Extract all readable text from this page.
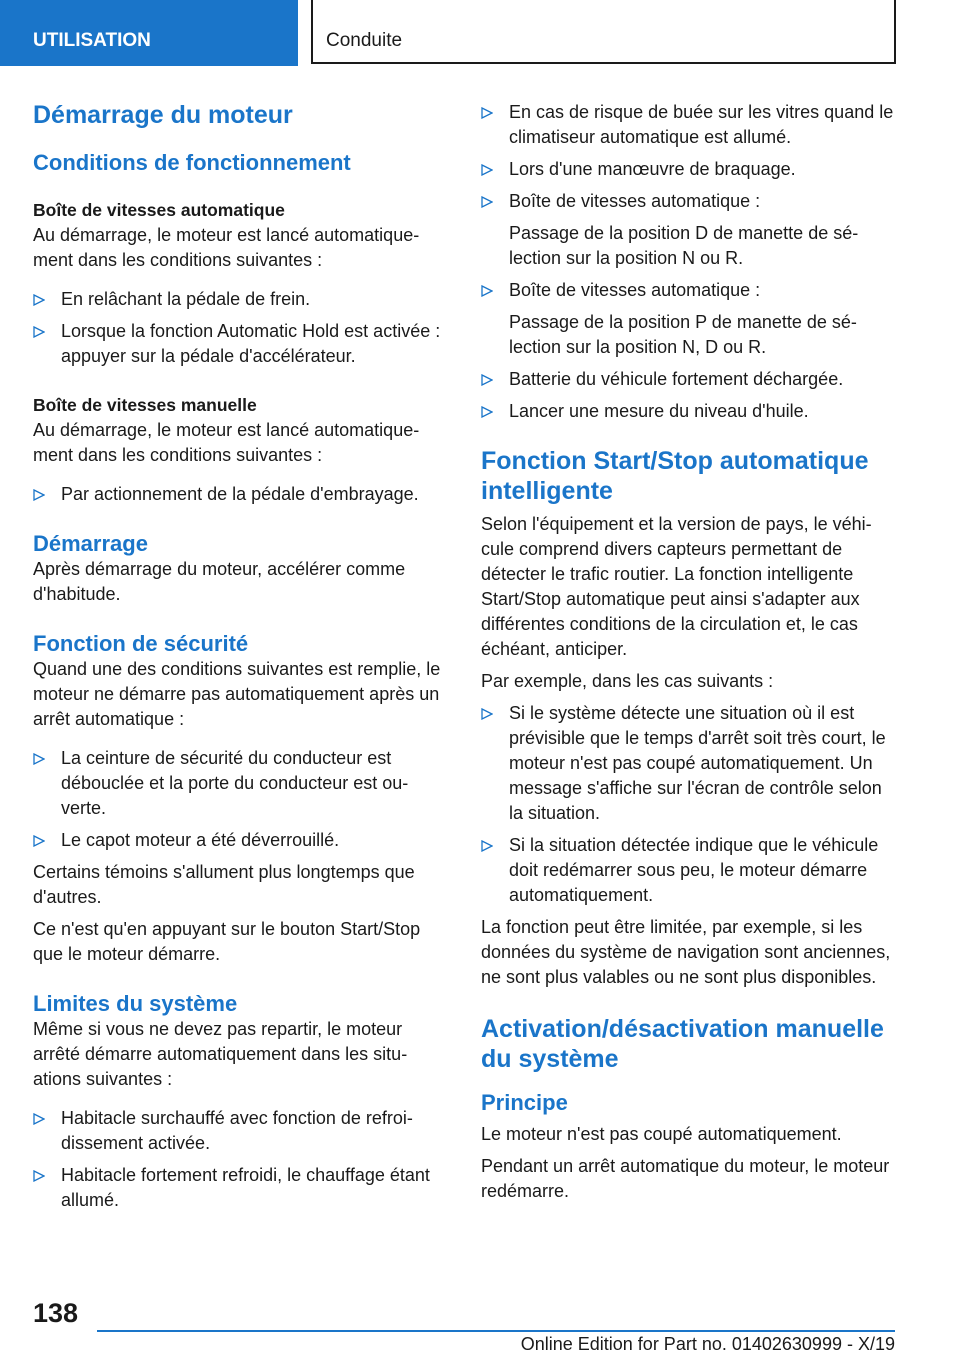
UTILISATION	Conduite
Démarrage du moteur
Conditions de fonctionnement
Boîte de vitesses automatique

Au démarrage, le moteur est lancé automatiquement dans les conditions suivantes :

En relâchant la pédale de frein.
Lorsque la fonction Automatic Hold est activée : appuyer sur la pédale d'accélérateur.
Boîte de vitesses manuelle

Au démarrage, le moteur est lancé automatiquement dans les conditions suivantes :

Par actionnement de la pédale d'embrayage.
Démarrage

Après démarrage du moteur, accélérer comme d'habitude.

Fonction de sécurité

Quand une des conditions suivantes est remplie, le moteur ne démarre pas automatiquement après un arrêt automatique :

La ceinture de sécurité du conducteur est débouclée et la porte du conducteur est ouverte.
Le capot moteur a été déverrouillé.

Certains témoins s'allument plus longtemps que d'autres.

Ce n'est qu'en appuyant sur le bouton Start/Stop que le moteur démarre.

Limites du système

Même si vous ne devez pas repartir, le moteur arrêté démarre automatiquement dans les situations suivantes :

Habitacle surchauffé avec fonction de refroidissement activée.
Habitacle fortement refroidi, le chauffage étant allumé.
En cas de risque de buée sur les vitres quand le climatiseur automatique est allumé.
Lors d'une manœuvre de braquage.
Boîte de vitesses automatique :
Passage de la position D de manette de sélection sur la position N ou R.
Boîte de vitesses automatique :
Passage de la position P de manette de sélection sur la position N, D ou R.
Batterie du véhicule fortement déchargée.
Lancer une mesure du niveau d'huile.
Fonction Start/Stop automatique intelligente

Selon l'équipement et la version de pays, le véhicule comprend divers capteurs permettant de détecter le trafic routier. La fonction intelligente Start/Stop automatique peut ainsi s'adapter aux différentes conditions de la circulation et, le cas échéant, anticiper.

Par exemple, dans les cas suivants :

Si le système détecte une situation où il est prévisible que le temps d'arrêt soit très court, le moteur n'est pas coupé automatiquement. Un message s'affiche sur l'écran de contrôle selon la situation.
Si la situation détectée indique que le véhicule doit redémarrer sous peu, le moteur démarre automatiquement.

La fonction peut être limitée, par exemple, si les données du système de navigation sont anciennes, ne sont plus valables ou ne sont plus disponibles.

Activation/désactivation manuelle du système
Principe

Le moteur n'est pas coupé automatiquement.

Pendant un arrêt automatique du moteur, le moteur redémarre.

138
Online Edition for Part no. 01402630999 - X/19
